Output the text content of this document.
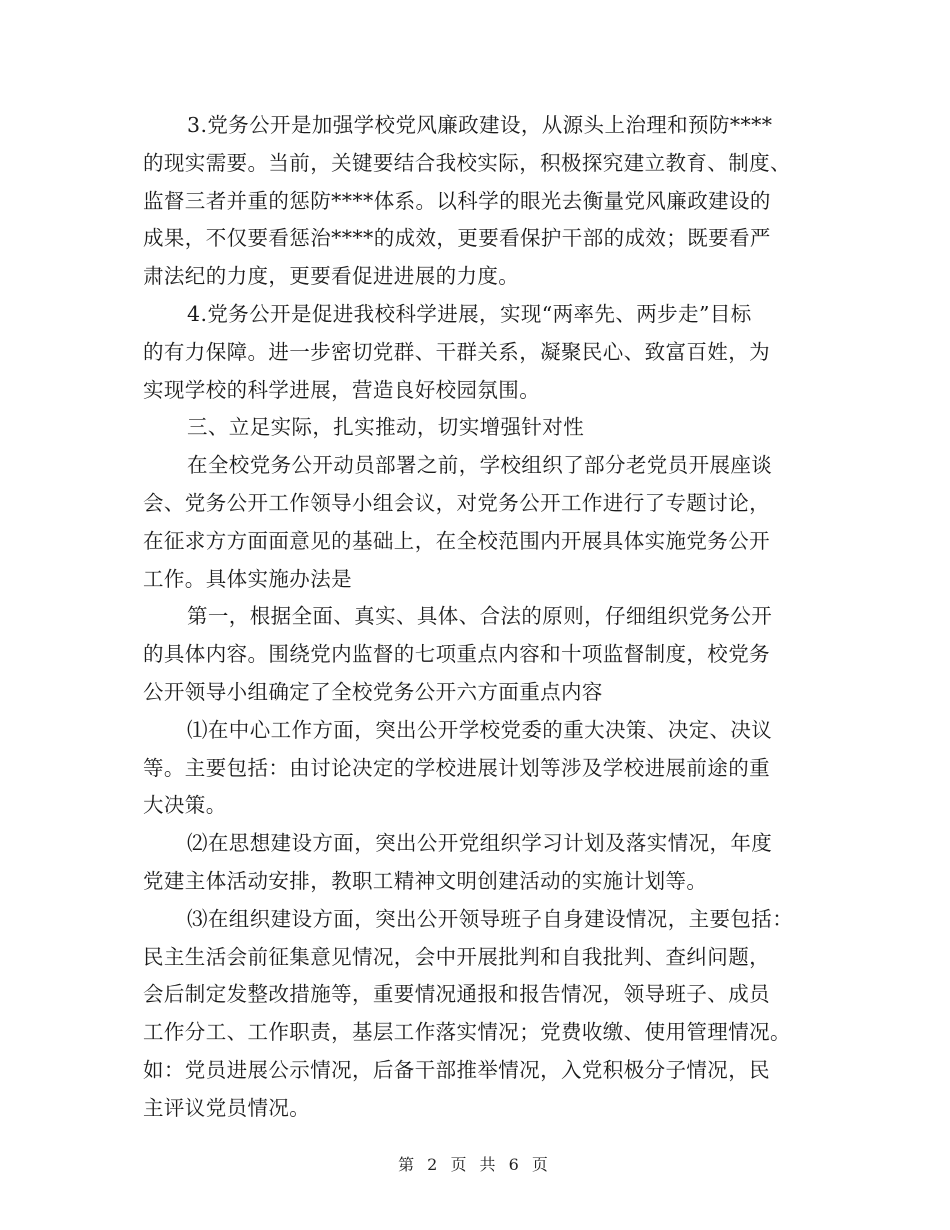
3.党务公开是加强学校党风廉政建设，从源头上治理和预防****
的现实需要。当前，关键要结合我校实际，积极探究建立教育、制度、
监督三者并重的惩防****体系。以科学的眼光去衡量党风廉政建设的
成果，不仅要看惩治****的成效，更要看保护干部的成效；既要看严
肃法纪的力度，更要看促进进展的力度。
4.党务公开是促进我校科学进展，实现“两率先、两步走”目标
的有力保障。进一步密切党群、干群关系，凝聚民心、致富百姓，为
实现学校的科学进展，营造良好校园氛围。
三、立足实际，扎实推动，切实增强针对性
在全校党务公开动员部署之前，学校组织了部分老党员开展座谈
会、党务公开工作领导小组会议，对党务公开工作进行了专题讨论，
在征求方方面面意见的基础上，在全校范围内开展具体实施党务公开
工作。具体实施办法是
第一，根据全面、真实、具体、合法的原则，仔细组织党务公开
的具体内容。围绕党内监督的七项重点内容和十项监督制度，校党务
公开领导小组确定了全校党务公开六方面重点内容
⑴在中心工作方面，突出公开学校党委的重大决策、决定、决议
等。主要包括：由讨论决定的学校进展计划等涉及学校进展前途的重
大决策。
⑵在思想建设方面，突出公开党组织学习计划及落实情况，年度
党建主体活动安排，教职工精神文明创建活动的实施计划等。
⑶在组织建设方面，突出公开领导班子自身建设情况，主要包括：
民主生活会前征集意见情况，会中开展批判和自我批判、查纠问题，
会后制定发整改措施等，重要情况通报和报告情况，领导班子、成员
工作分工、工作职责，基层工作落实情况；党费收缴、使用管理情况。
如：党员进展公示情况，后备干部推举情况，入党积极分子情况，民
主评议党员情况。
第 2 页 共 6 页
